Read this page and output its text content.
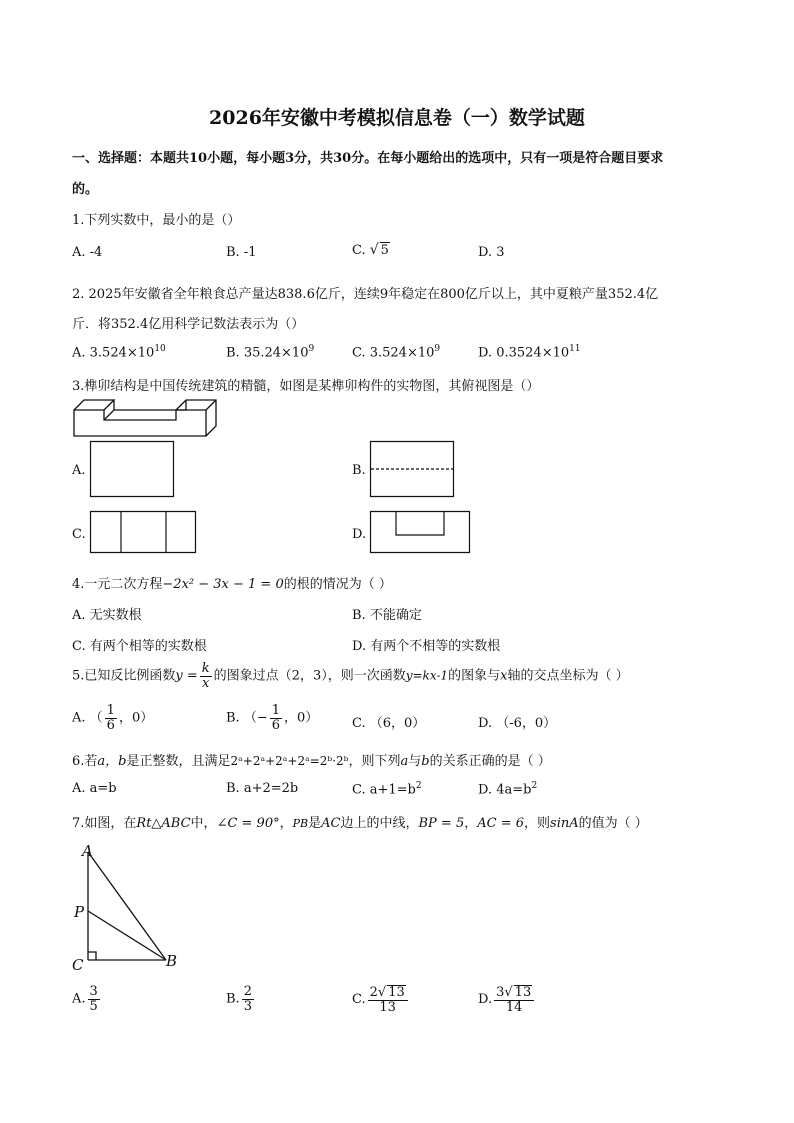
2026年安徽中考模拟信息卷（一）数学试题
一、选择题：本题共10小题，每小题3分，共30分。在每小题给出的选项中，只有一项是符合题目要求
的。
1.下列实数中，最小的是（）
A. -4	B. -1	C. √ 5	D. 3
2. 2025年安徽省全年粮食总产量达838.6亿斤，连续9年稳定在800亿斤以上，其中夏粮产量352.4亿
斤．将352.4亿用科学记数法表示为（）
A. $3.524\times 10^{10}$	B. $35.24\times 10^9$	C. $3.524\times 10^9$	D. $0.3524\times 10^{11}$
3.榫卯结构是中国传统建筑的精髓，如图是某榫卯构件的实物图，其俯视图是（）
A.	B.
C.	D.
4.一元二次方程−2x² − 3x − 1 = 0的根的情况为（ ）
A. 无实数根	B. 不能确定
C. 有两个相等的实数根	D. 有两个不相等的实数根
5.已知反比例函数$y = \frac{k}{x}$ 的图象过点（2，3），则一次函数y=kx-1的图象与x轴的交点坐标为（ ）
A. （ $\frac{1}{6}$ ，0）	B. （− $\frac{1}{6}$ ，0）	C. （6，0）	D. （-6，0）
6.若a，b是正整数，且满足2ᵃ+2ᵃ+2ᵃ+2ᵃ=2ᵇ·2ᵇ，则下列a与b的关系正确的是（ ）
A. a=b	B. a+2=2b	C. $a+1=b^2$	D. $4a=b^2$
7.如图，在Rt△ABC中，∠C = 90°，PB是AC边上的中线，BP = 5，AC = 6，则sinA的值为（ ）
A
P
C	B
A. $\frac{3}{5}$	B. $\frac{2}{3}$	C. $\frac{2√ 13}{13}$	D. $\frac{3√ 13}{14}$
